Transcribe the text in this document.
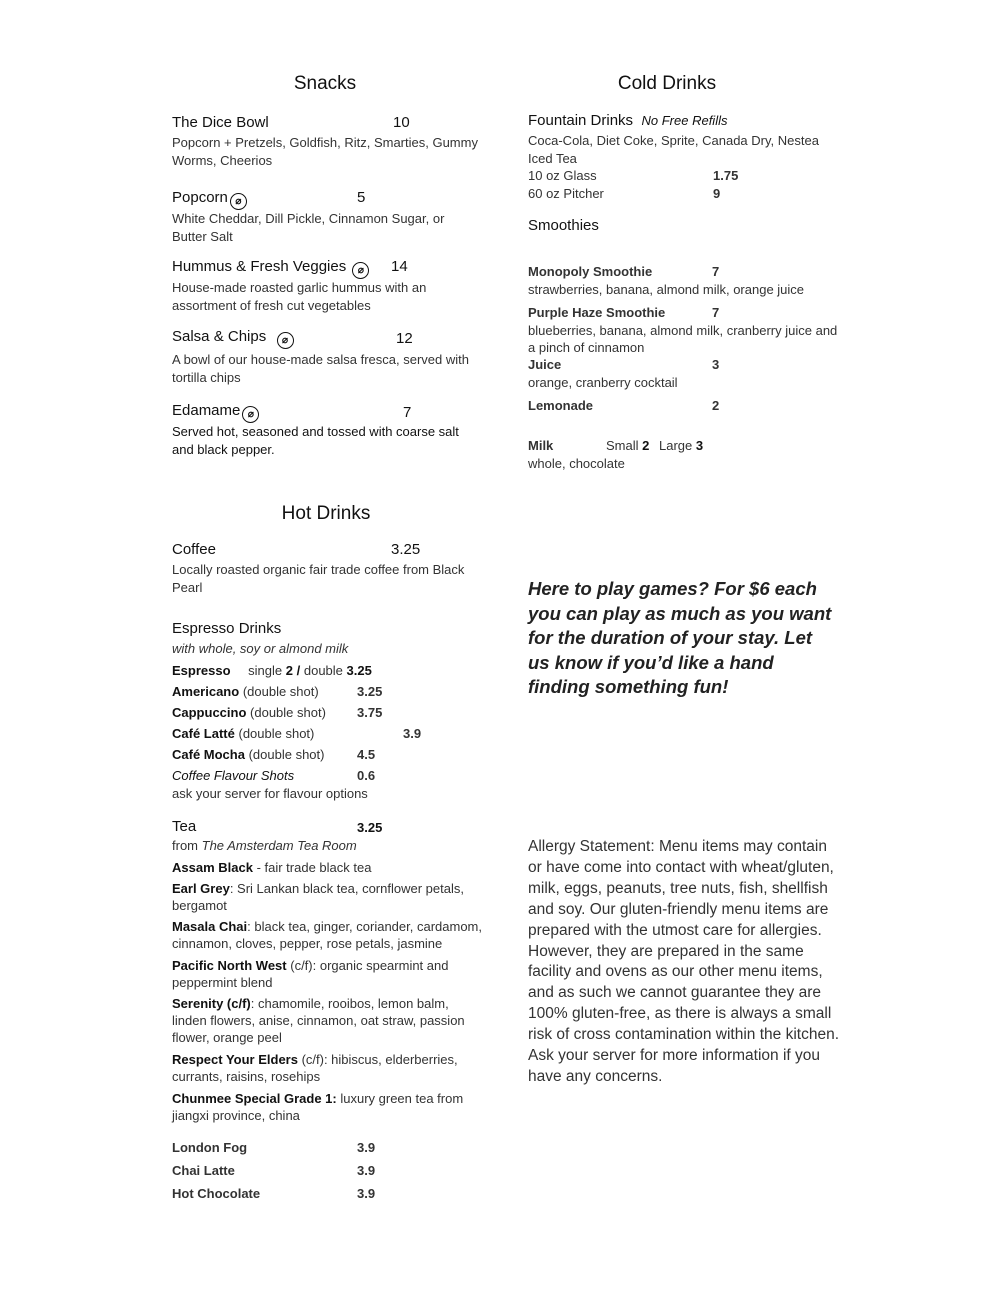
Snacks
The Dice Bowl	10
Popcorn + Pretzels, Goldfish, Ritz, Smarties, Gummy Worms, Cheerios
Popcorn ⌀	5
White Cheddar, Dill Pickle, Cinnamon Sugar, or Butter Salt
Hummus & Fresh Veggies ⌀	14
House-made roasted garlic hummus with an assortment of fresh cut vegetables
Salsa & Chips ⌀	12
A bowl of our house-made salsa fresca, served with tortilla chips
Edamame ⌀	7
Served hot, seasoned and tossed with coarse salt and black pepper.
Hot Drinks
Coffee	3.25
Locally roasted organic fair trade coffee from Black Pearl
Espresso Drinks
with whole, soy or almond milk
Espresso single 2 / double 3.25
Americano (double shot)	3.25
Cappuccino (double shot) 3.75
Café Latté (double shot)	3.9
Café Mocha (double shot)	4.5
Coffee Flavour Shots	0.6
ask your server for flavour options
Tea	3.25
from The Amsterdam Tea Room
Assam Black - fair trade black tea
Earl Grey: Sri Lankan black tea, cornflower petals, bergamot
Masala Chai: black tea, ginger, coriander, cardamom, cinnamon, cloves, pepper, rose petals, jasmine
Pacific North West (c/f): organic spearmint and peppermint blend
Serenity (c/f): chamomile, rooibos, lemon balm, linden flowers, anise, cinnamon, oat straw, passion flower, orange peel
Respect Your Elders (c/f): hibiscus, elderberries, currants, raisins, rosehips
Chunmee Special Grade 1: luxury green tea from jiangxi province, china
London Fog	3.9
Chai Latte	3.9
Hot Chocolate	3.9
Cold Drinks
Fountain Drinks No Free Refills
Coca-Cola, Diet Coke, Sprite, Canada Dry, Nestea Iced Tea
10 oz Glass	1.75
60 oz Pitcher	9
Smoothies
Monopoly Smoothie	7
strawberries, banana, almond milk, orange juice
Purple Haze Smoothie	7
blueberries, banana, almond milk, cranberry juice and a pinch of cinnamon
Juice	3
orange, cranberry cocktail
Lemonade	2
Milk	Small 2 Large 3
whole, chocolate
Here to play games? For $6 each you can play as much as you want for the duration of your stay. Let us know if you’d like a hand finding something fun!
Allergy Statement: Menu items may contain or have come into contact with wheat/gluten, milk, eggs, peanuts, tree nuts, fish, shellfish and soy. Our gluten-friendly menu items are prepared with the utmost care for allergies. However, they are prepared in the same facility and ovens as our other menu items, and as such we cannot guarantee they are 100% gluten-free, as there is always a small risk of cross contamination within the kitchen. Ask your server for more information if you have any concerns.
